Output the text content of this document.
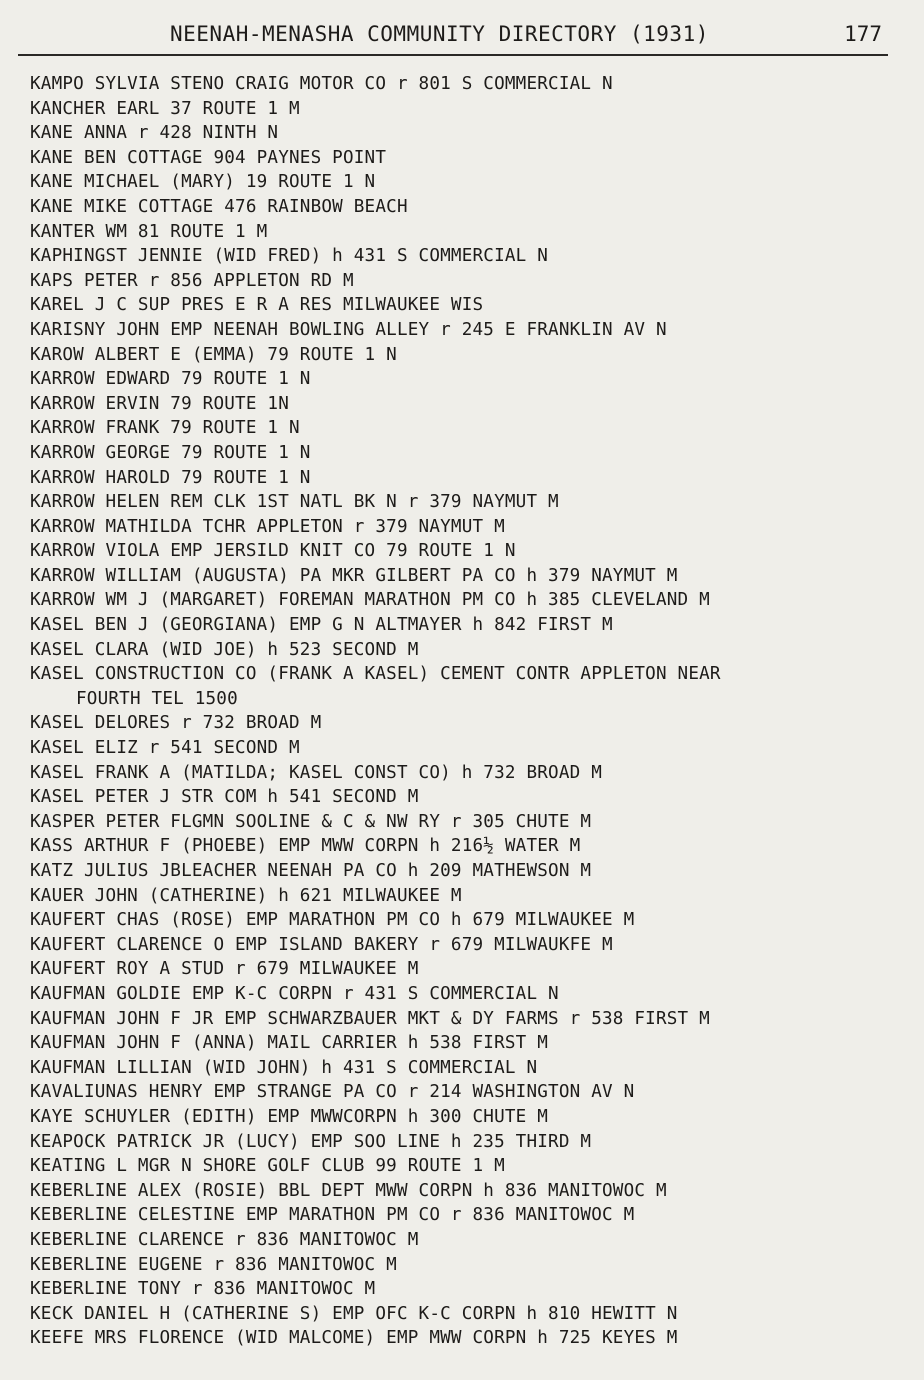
NEENAH-MENASHA COMMUNITY DIRECTORY (1931)	177
KAMPO SYLVIA STENO CRAIG MOTOR CO r 801 S COMMERCIAL N
KANCHER EARL 37 ROUTE 1 M
KANE ANNA r 428 NINTH N
KANE BEN COTTAGE 904 PAYNES POINT
KANE MICHAEL (MARY) 19 ROUTE 1 N
KANE MIKE COTTAGE 476 RAINBOW BEACH
KANTER WM 81 ROUTE 1 M
KAPHINGST JENNIE (WID FRED) h 431 S COMMERCIAL N
KAPS PETER r 856 APPLETON RD M
KAREL J C SUP PRES E R A RES MILWAUKEE WIS
KARISNY JOHN EMP NEENAH BOWLING ALLEY r 245 E FRANKLIN AV N
KAROW ALBERT E (EMMA) 79 ROUTE 1 N
KARROW EDWARD 79 ROUTE 1 N
KARROW ERVIN 79 ROUTE 1N
KARROW FRANK 79 ROUTE 1 N
KARROW GEORGE 79 ROUTE 1 N
KARROW HAROLD 79 ROUTE 1 N
KARROW HELEN REM CLK 1ST NATL BK N r 379 NAYMUT M
KARROW MATHILDA TCHR APPLETON r 379 NAYMUT M
KARROW VIOLA EMP JERSILD KNIT CO 79 ROUTE 1 N
KARROW WILLIAM (AUGUSTA) PA MKR GILBERT PA CO h 379 NAYMUT M
KARROW WM J (MARGARET) FOREMAN MARATHON PM CO h 385 CLEVELAND M
KASEL BEN J (GEORGIANA) EMP G N ALTMAYER h 842 FIRST M
KASEL CLARA (WID JOE) h 523 SECOND M
KASEL CONSTRUCTION CO (FRANK A KASEL) CEMENT CONTR APPLETON NEAR
FOURTH TEL 1500
KASEL DELORES r 732 BROAD M
KASEL ELIZ r 541 SECOND M
KASEL FRANK A (MATILDA; KASEL CONST CO) h 732 BROAD M
KASEL PETER J STR COM h 541 SECOND M
KASPER PETER FLGMN SOOLINE & C & NW RY r 305 CHUTE M
KASS ARTHUR F (PHOEBE) EMP MWW CORPN h 216½ WATER M
KATZ JULIUS JBLEACHER NEENAH PA CO h 209 MATHEWSON M
KAUER JOHN (CATHERINE) h 621 MILWAUKEE M
KAUFERT CHAS (ROSE) EMP MARATHON PM CO h 679 MILWAUKEE M
KAUFERT CLARENCE O EMP ISLAND BAKERY r 679 MILWAUKFE M
KAUFERT ROY A STUD r 679 MILWAUKEE M
KAUFMAN GOLDIE EMP K-C CORPN r 431 S COMMERCIAL N
KAUFMAN JOHN F JR EMP SCHWARZBAUER MKT & DY FARMS r 538 FIRST M
KAUFMAN JOHN F (ANNA) MAIL CARRIER h 538 FIRST M
KAUFMAN LILLIAN (WID JOHN) h 431 S COMMERCIAL N
KAVALIUNAS HENRY EMP STRANGE PA CO r 214 WASHINGTON AV N
KAYE SCHUYLER (EDITH) EMP MWWCORPN h 300 CHUTE M
KEAPOCK PATRICK JR (LUCY) EMP SOO LINE h 235 THIRD M
KEATING L MGR N SHORE GOLF CLUB 99 ROUTE 1 M
KEBERLINE ALEX (ROSIE) BBL DEPT MWW CORPN h 836 MANITOWOC M
KEBERLINE CELESTINE EMP MARATHON PM CO r 836 MANITOWOC M
KEBERLINE CLARENCE r 836 MANITOWOC M
KEBERLINE EUGENE r 836 MANITOWOC M
KEBERLINE TONY r 836 MANITOWOC M
KECK DANIEL H (CATHERINE S) EMP OFC K-C CORPN h 810 HEWITT N
KEEFE MRS FLORENCE (WID MALCOME) EMP MWW CORPN h 725 KEYES M
